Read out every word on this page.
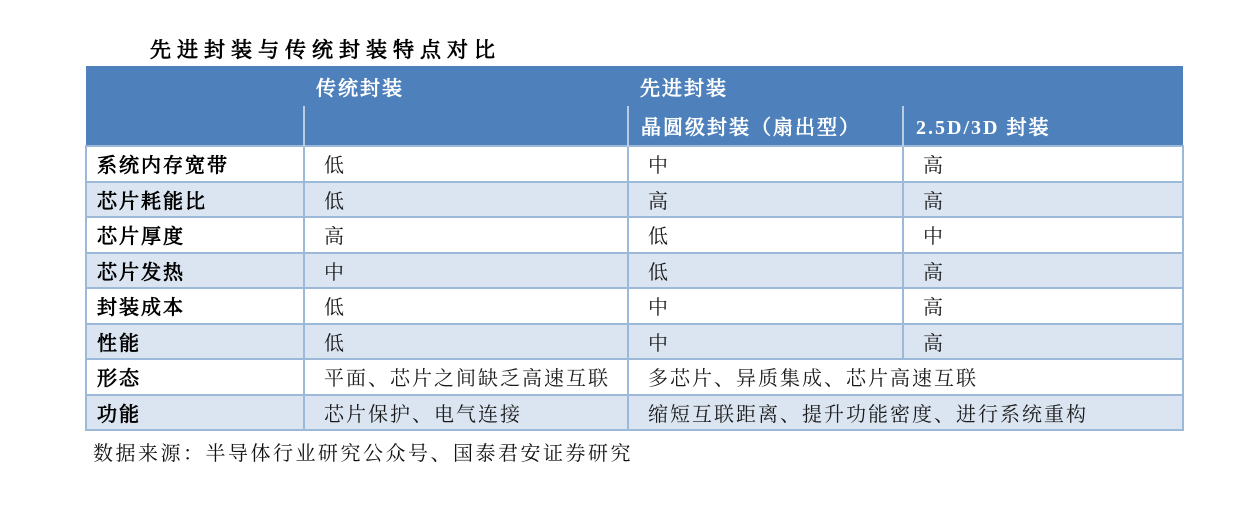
先进封装与传统封装特点对比
	传统封装	先进封装	
		晶圆级封装（扇出型）	2.5D/3D 封装
系统内存宽带	低	中	高
芯片耗能比	低	高	高
芯片厚度	高	低	中
芯片发热	中	低	高
封装成本	低	中	高
性能	低	中	高
形态	平面、芯片之间缺乏高速互联	多芯片、异质集成、芯片高速互联	
功能	芯片保护、电气连接	缩短互联距离、提升功能密度、进行系统重构	
数据来源：半导体行业研究公众号、国泰君安证券研究
